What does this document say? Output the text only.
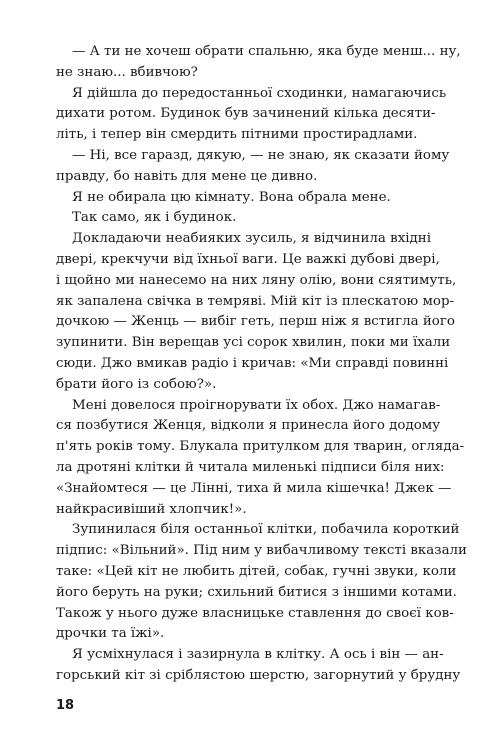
— А ти не хочеш обрати спальню, яка буде менш... ну,
не знаю... вбивчою?

Я дійшла до передостанньої сходинки, намагаючись
дихати ротом. Будинок був зачинений кілька десяти-
літь, і тепер він смердить пітними простирадлами.

— Ні, все гаразд, дякую, — не знаю, як сказати йому
правду, бо навіть для мене це дивно.

Я не обирала цю кімнату. Вона обрала мене.

Так само, як і будинок.

Докладаючи неабияких зусиль, я відчинила вхідні
двері, крекчучи від їхньої ваги. Це важкі дубові двері,
і щойно ми нанесемо на них ляну олію, вони сяятимуть,
як запалена свічка в темряві. Мій кіт із плескатою мор-
дочкою — Женць — вибіг геть, перш ніж я встигла його
зупинити. Він верещав усі сорок хвилин, поки ми їхали
сюди. Джо вмикав радіо і кричав: «Ми справді повинні
брати його із собою?».

Мені довелося проігнорувати їх обох. Джо намагав-
ся позбутися Женця, відколи я принесла його додому
п'ять років тому. Блукала притулком для тварин, огляда-
ла дротяні клітки й читала миленькі підписи біля них:
«Знайомтеся — це Лінні, тиха й мила кішечка! Джек —
найкрасивіший хлопчик!».

Зупинилася біля останньої клітки, побачила короткий
підпис: «Вільний». Під ним у вибачливому тексті вказали
таке: «Цей кіт не любить дітей, собак, гучні звуки, коли
його беруть на руки; схильний битися з іншими котами.
Також у нього дуже власницьке ставлення до своєї ков-
дрочки та їжі».

Я усміхнулася і зазирнула в клітку. А ось і він — ан-
горський кіт зі сріблястою шерстю, загорнутий у брудну

18
